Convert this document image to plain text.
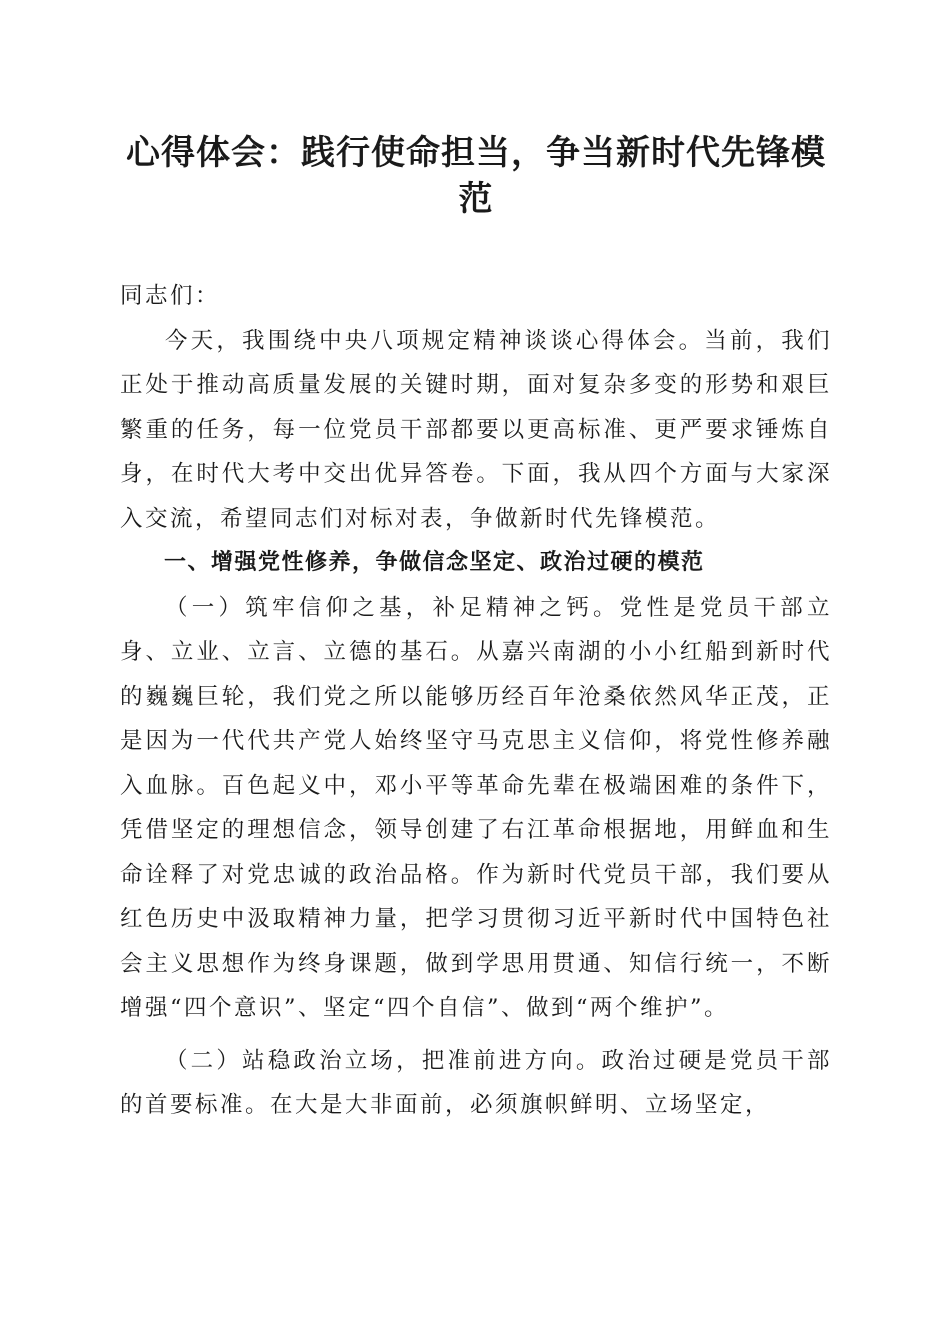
心得体会：践行使命担当，争当新时代先锋模范

同志们：

今天，我围绕中央八项规定精神谈谈心得体会。当前，我们正处于推动高质量发展的关键时期，面对复杂多变的形势和艰巨繁重的任务，每一位党员干部都要以更高标准、更严要求锤炼自身，在时代大考中交出优异答卷。下面，我从四个方面与大家深入交流，希望同志们对标对表，争做新时代先锋模范。

一、增强党性修养，争做信念坚定、政治过硬的模范

（一）筑牢信仰之基，补足精神之钙。党性是党员干部立身、立业、立言、立德的基石。从嘉兴南湖的小小红船到新时代的巍巍巨轮，我们党之所以能够历经百年沧桑依然风华正茂，正是因为一代代共产党人始终坚守马克思主义信仰，将党性修养融入血脉。百色起义中，邓小平等革命先辈在极端困难的条件下，凭借坚定的理想信念，领导创建了右江革命根据地，用鲜血和生命诠释了对党忠诚的政治品格。作为新时代党员干部，我们要从红色历史中汲取精神力量，把学习贯彻习近平新时代中国特色社会主义思想作为终身课题，做到学思用贯通、知信行统一，不断增强“四个意识”、坚定“四个自信”、做到“两个维护”。

（二）站稳政治立场，把准前进方向。政治过硬是党员干部的首要标准。在大是大非面前，必须旗帜鲜明、立场坚定，
